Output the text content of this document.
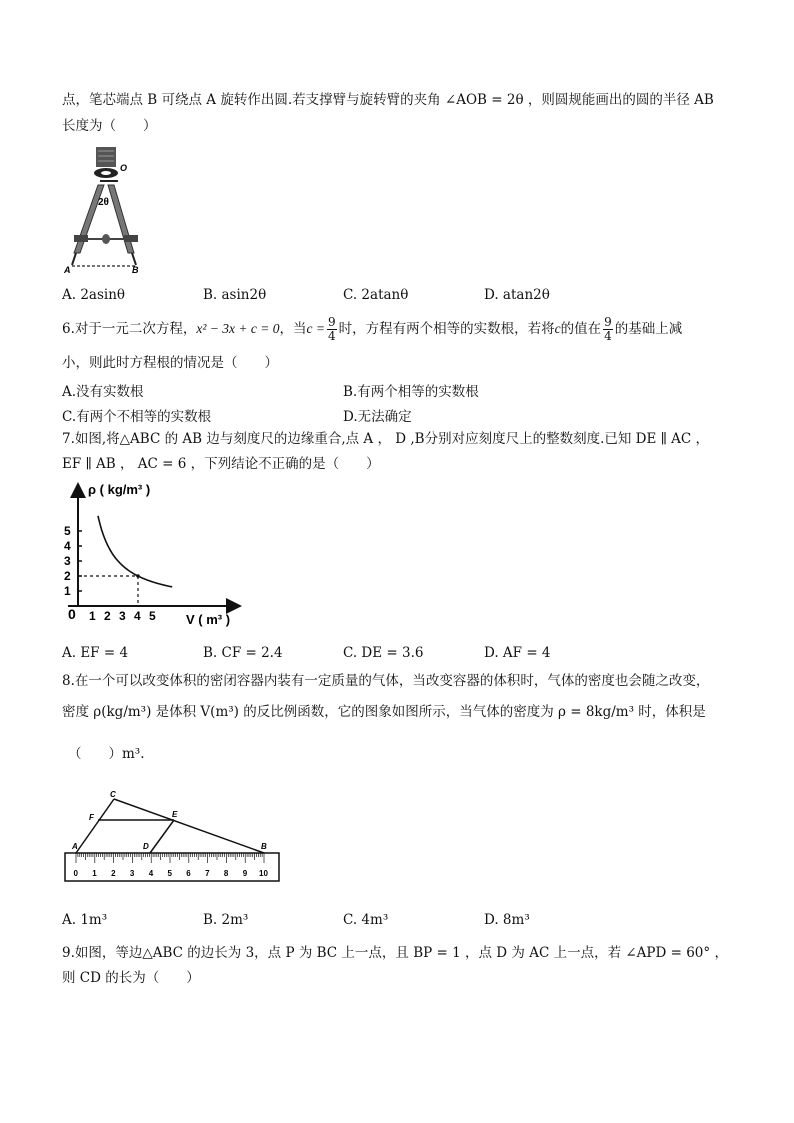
点，笔芯端点 B 可绕点 A 旋转作出圆.若支撑臂与旋转臂的夹角 ∠AOB = 2θ ，则圆规能画出的圆的半径 AB
长度为（　　）
O
2θ
A	B
A. 2asinθ	B. asin2θ	C. 2atanθ	D. atan2θ
6.对于一元二次方程，x² − 3x + c = 0，当$c = \frac{9}{4}$ 时，方程有两个相等的实数根，若将c的值在 $\frac{9}{4}$ 的基础上减
小，则此时方程根的情况是（　　）
A.没有实数根	B.有两个相等的实数根
C.有两个不相等的实数根	D.无法确定
7.如图,将△ABC 的 AB 边与刻度尺的边缘重合,点 A ， D ,B分别对应刻度尺上的整数刻度.已知 DE ∥ AC ，
EF ∥ AB ， AC = 6 ，下列结论不正确的是（　　）
ρ ( kg/m³ )
V ( m³ )
0 1 2 3 4 5
1
2
3
4
5
A. EF = 4	B. CF = 2.4	C. DE = 3.6	D. AF = 4
8.在一个可以改变体积的密闭容器内装有一定质量的气体，当改变容器的体积时，气体的密度也会随之改变，
密度 ρ(kg/m³) 是体积 V(m³) 的反比例函数，它的图象如图所示，当气体的密度为 ρ = 8kg/m³ 时，体积是
（　　）m³.
C
F	E
A	D	B
0 1 2 3 4 5 6 7 8 9 10
A. 1m³	B. 2m³	C. 4m³	D. 8m³
9.如图，等边△ABC 的边长为 3，点 P 为 BC 上一点，且 BP = 1 ，点 D 为 AC 上一点，若 ∠APD = 60° ，
则 CD 的长为（　　）
